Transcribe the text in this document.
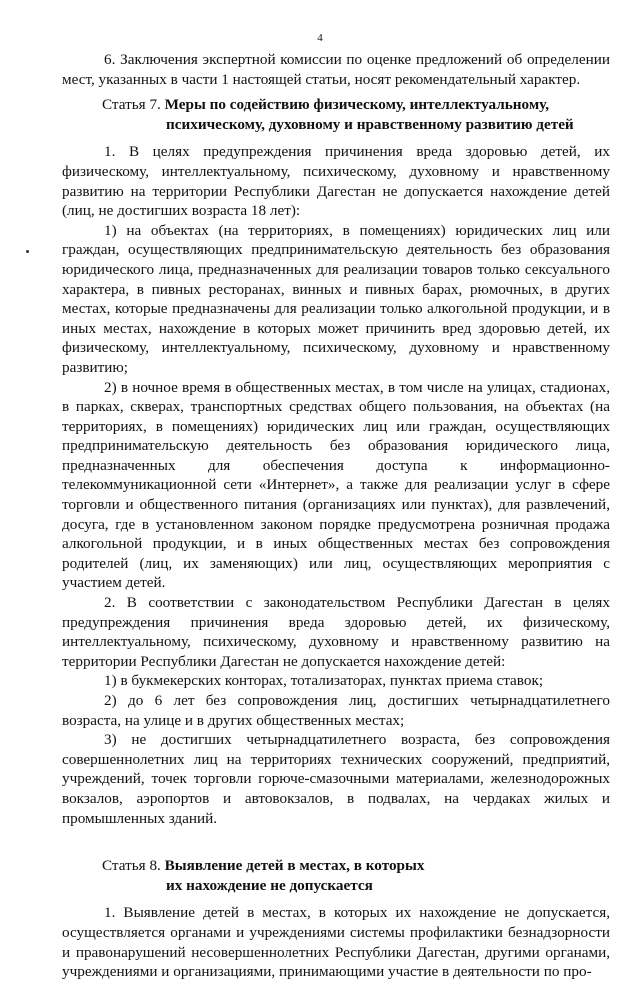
4

6. Заключения экспертной комиссии по оценке предложений об определении мест, указанных в части 1 настоящей статьи, носят рекомендательный характер.

Статья 7. Меры по содействию физическому, интеллектуальному,
психическому, духовному и нравственному развитию детей

1. В целях предупреждения причинения вреда здоровью детей, их физическому, интеллектуальному, психическому, духовному и нравственному развитию на территории Республики Дагестан не допускается нахождение детей (лиц, не достигших возраста 18 лет):

1) на объектах (на территориях, в помещениях) юридических лиц или граждан, осуществляющих предпринимательскую деятельность без образования юридического лица, предназначенных для реализации товаров только сексуального характера, в пивных ресторанах, винных и пивных барах, рюмочных, в других местах, которые предназначены для реализации только алкогольной продукции, и в иных местах, нахождение в которых может причинить вред здоровью детей, их физическому, интеллектуальному, психическому, духовному и нравственному развитию;

2) в ночное время в общественных местах, в том числе на улицах, стадионах, в парках, скверах, транспортных средствах общего пользования, на объектах (на территориях, в помещениях) юридических лиц или граждан, осуществляющих предпринимательскую деятельность без образования юридического лица, предназначенных для обеспечения доступа к информационно-телекоммуникационной сети «Интернет», а также для реализации услуг в сфере торговли и общественного питания (организациях или пунктах), для развлечений, досуга, где в установленном законом порядке предусмотрена розничная продажа алкогольной продукции, и в иных общественных местах без сопровождения родителей (лиц, их заменяющих) или лиц, осуществляющих мероприятия с участием детей.

2. В соответствии с законодательством Республики Дагестан в целях предупреждения причинения вреда здоровью детей, их физическому, интеллектуальному, психическому, духовному и нравственному развитию на территории Республики Дагестан не допускается нахождение детей:

1) в букмекерских конторах, тотализаторах, пунктах приема ставок;

2) до 6 лет без сопровождения лиц, достигших четырнадцатилетнего возраста, на улице и в других общественных местах;

3) не достигших четырнадцатилетнего возраста, без сопровождения совершеннолетних лиц на территориях технических сооружений, предприятий, учреждений, точек торговли горюче-смазочными материалами, железнодорожных вокзалов, аэропортов и автовокзалов, в подвалах, на чердаках жилых и промышленных зданий.

Статья 8. Выявление детей в местах, в которых
их нахождение не допускается

1. Выявление детей в местах, в которых их нахождение не допускается, осуществляется органами и учреждениями системы профилактики безнадзорности и правонарушений несовершеннолетних Республики Дагестан, другими органами, учреждениями и организациями, принимающими участие в деятельности по про-
